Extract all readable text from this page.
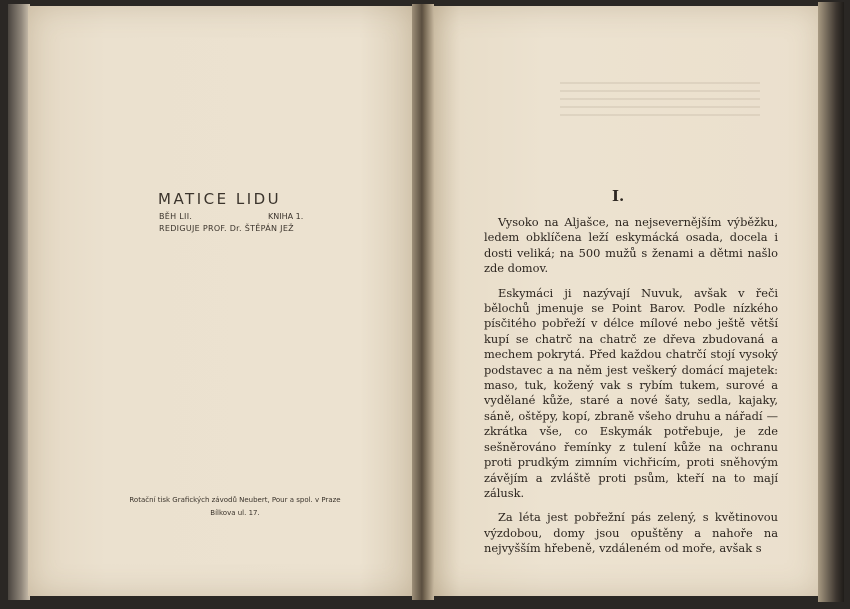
MATICE LIDU
BĚH LII.	KNIHA 1.
REDIGUJE PROF. Dr. ŠTĚPÁN JEŽ
Rotační tisk Grafických závodů Neubert, Pour a spol. v Praze
Bílkova ul. 17.
I.

Vysoko na Aljašce, na nejsevernějším výběžku, ledem obklíčena leží eskymácká osada, docela i dosti veliká; na 500 mužů s ženami a dětmi našlo zde domov.

Eskymáci ji nazývají Nuvuk, avšak v řeči bělochů jmenuje se Point Barov. Podle nízkého písčitého pobřeží v délce mílové nebo ještě větší kupí se chatrč na chatrč ze dřeva zbudovaná a mechem pokrytá. Před každou chatrčí stojí vysoký podstavec a na něm jest veškerý domácí majetek: maso, tuk, kožený vak s rybím tukem, surové a vydělané kůže, staré a nové šaty, sedla, kajaky, sáně, oštěpy, kopí, zbraně všeho druhu a nářadí — zkrátka vše, co Eskymák potřebuje, je zde sešněrováno řemínky z tulení kůže na ochranu proti prudkým zimním vichřicím, proti sněhovým závějím a zvláště proti psům, kteří na to mají zálusk.

Za léta jest pobřežní pás zelený, s květinovou výzdobou, domy jsou opuštěny a nahoře na nejvyšším hřebeně, vzdáleném od moře, avšak s
